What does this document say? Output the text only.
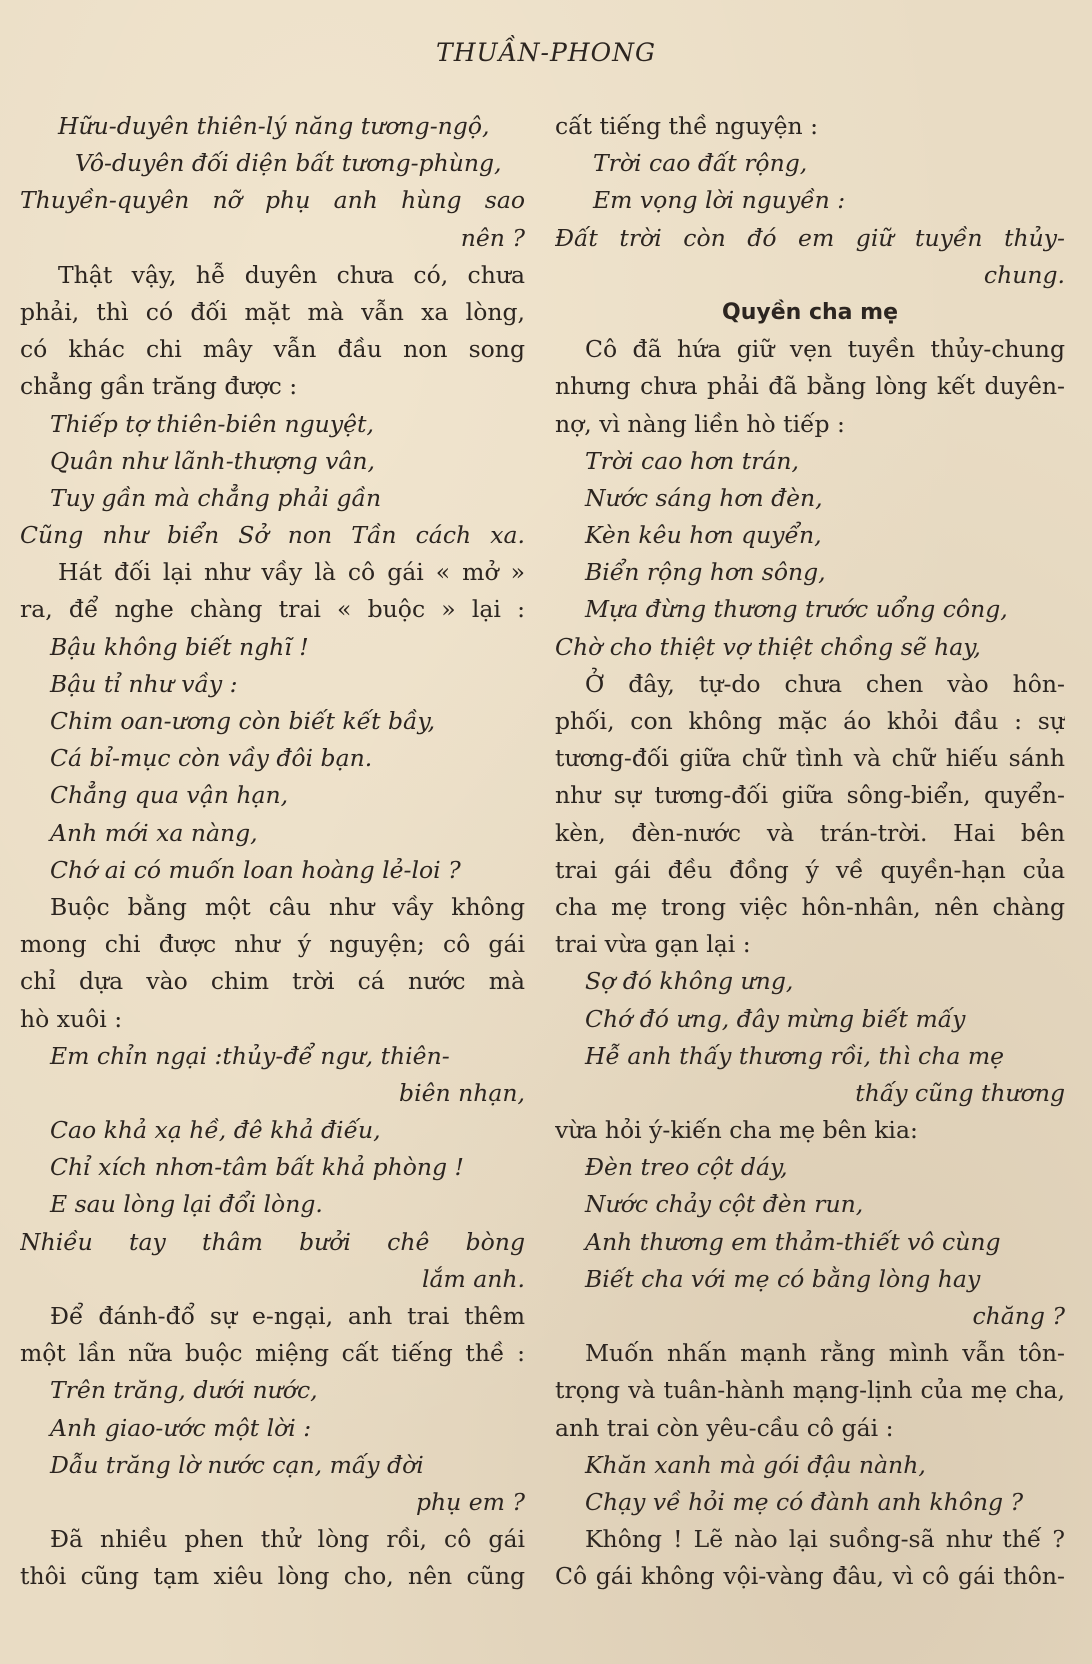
THUẦN-PHONG
Hữu-duyên thiên-lý năng tương-ngộ,
Vô-duyên đối diện bất tương-phùng,
Thuyền-quyên nỡ phụ anh hùng sao
nên ?
Thật vậy, hễ duyên chưa có, chưa
phải, thì có đối mặt mà vẫn xa lòng,
có khác chi mây vẫn đầu non song
chẳng gần trăng được :
Thiếp tợ thiên-biên nguyệt,
Quân như lãnh-thượng vân,
Tuy gần mà chẳng phải gần
Cũng như biển Sở non Tần cách xa.
Hát đối lại như vầy là cô gái « mở »
ra, để nghe chàng trai « buộc » lại :
Bậu không biết nghĩ !
Bậu tỉ như vầy :
Chim oan-ương còn biết kết bầy,
Cá bỉ-mục còn vầy đôi bạn.
Chẳng qua vận hạn,
Anh mới xa nàng,
Chớ ai có muốn loan hoàng lẻ-loi ?
Buộc bằng một câu như vầy không
mong chi được như ý nguyện; cô gái
chỉ dựa vào chim trời cá nước mà
hò xuôi :
Em chỉn ngại :thủy-để ngư, thiên-
biên nhạn,
Cao khả xạ hề, đê khả điếu,
Chỉ xích nhơn-tâm bất khả phòng !
E sau lòng lại đổi lòng.
Nhiều tay thâm bưởi chê bòng
lắm anh.
Để đánh-đổ sự e-ngại, anh trai thêm
một lần nữa buộc miệng cất tiếng thề :
Trên trăng, dưới nước,
Anh giao-ước một lời :
Dẫu trăng lờ nước cạn, mấy đời
phụ em ?
Đã nhiều phen thử lòng rồi, cô gái
thôi cũng tạm xiêu lòng cho, nên cũng
cất tiếng thề nguyện :
Trời cao đất rộng,
Em vọng lời nguyền :
Đất trời còn đó em giữ tuyền thủy-
chung.
Quyền cha mẹ
Cô đã hứa giữ vẹn tuyền thủy-chung
nhưng chưa phải đã bằng lòng kết duyên-
nợ, vì nàng liền hò tiếp :
Trời cao hơn trán,
Nước sáng hơn đèn,
Kèn kêu hơn quyển,
Biển rộng hơn sông,
Mựa đừng thương trước uổng công,
Chờ cho thiệt vợ thiệt chồng sẽ hay,
Ở đây, tự-do chưa chen vào hôn-
phối, con không mặc áo khỏi đầu : sự
tương-đối giữa chữ tình và chữ hiếu sánh
như sự tương-đối giữa sông-biển, quyển-
kèn, đèn-nước và trán-trời. Hai bên
trai gái đều đồng ý về quyền-hạn của
cha mẹ trong việc hôn-nhân, nên chàng
trai vừa gạn lại :
Sợ đó không ưng,
Chớ đó ưng, đây mừng biết mấy
Hễ anh thấy thương rồi, thì cha mẹ
thấy cũng thương
vừa hỏi ý-kiến cha mẹ bên kia:
Đèn treo cột dáy,
Nước chảy cột đèn run,
Anh thương em thảm-thiết vô cùng
Biết cha với mẹ có bằng lòng hay
chăng ?
Muốn nhấn mạnh rằng mình vẫn tôn-
trọng và tuân-hành mạng-lịnh của mẹ cha,
anh trai còn yêu-cầu cô gái :
Khăn xanh mà gói đậu nành,
Chạy về hỏi mẹ có đành anh không ?
Không ! Lẽ nào lại suồng-sã như thế ?
Cô gái không vội-vàng đâu, vì cô gái thôn-
